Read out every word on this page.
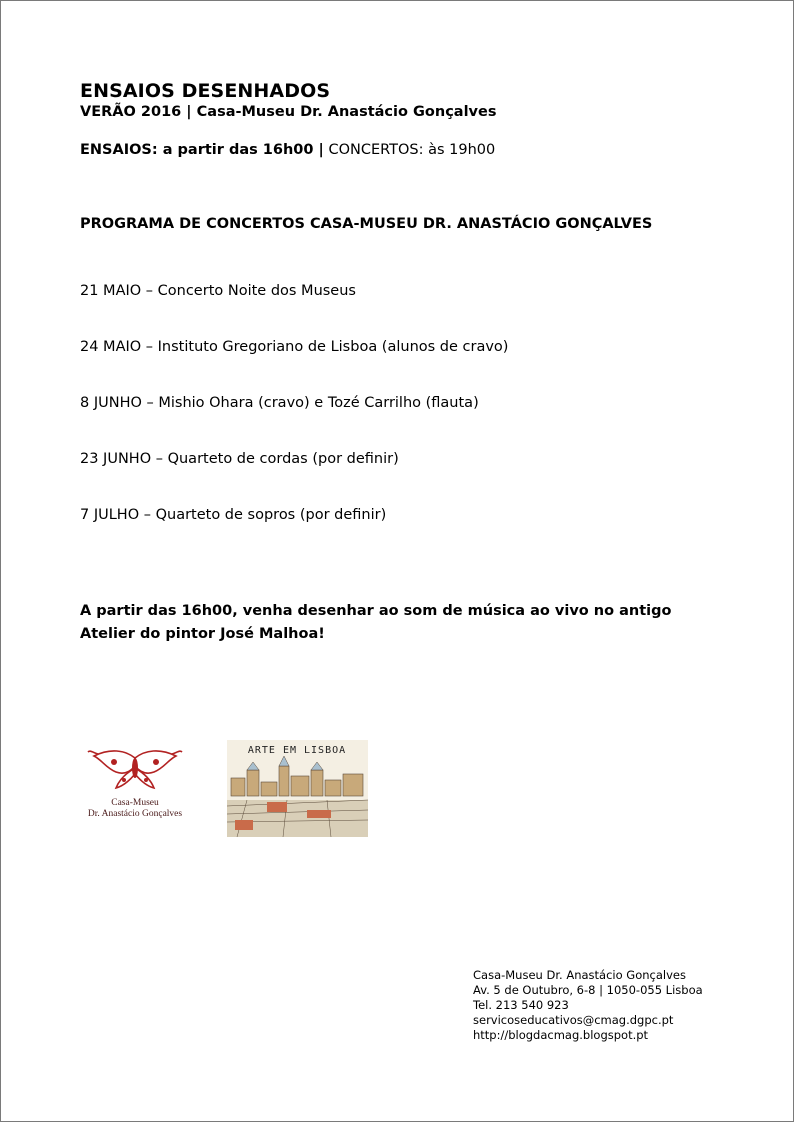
ENSAIOS DESENHADOS
VERÃO 2016 | Casa-Museu Dr. Anastácio Gonçalves
ENSAIOS: a partir das 16h00 | CONCERTOS: às 19h00
PROGRAMA DE CONCERTOS CASA-MUSEU DR. ANASTÁCIO GONÇALVES
21 MAIO – Concerto Noite dos Museus
24 MAIO – Instituto Gregoriano de Lisboa (alunos de cravo)
8 JUNHO – Mishio Ohara (cravo) e Tozé Carrilho (flauta)
23 JUNHO – Quarteto de cordas (por definir)
7 JULHO – Quarteto de sopros (por definir)
A partir das 16h00, venha desenhar ao som de música ao vivo no antigo Atelier do pintor José Malhoa!
Casa-Museu
Dr. Anastácio Gonçalves
ARTE EM LISBOA
Casa-Museu Dr. Anastácio Gonçalves
Av. 5 de Outubro, 6-8 | 1050-055 Lisboa
Tel. 213 540 923
servicoseducativos@cmag.dgpc.pt
http://blogdacmag.blogspot.pt
